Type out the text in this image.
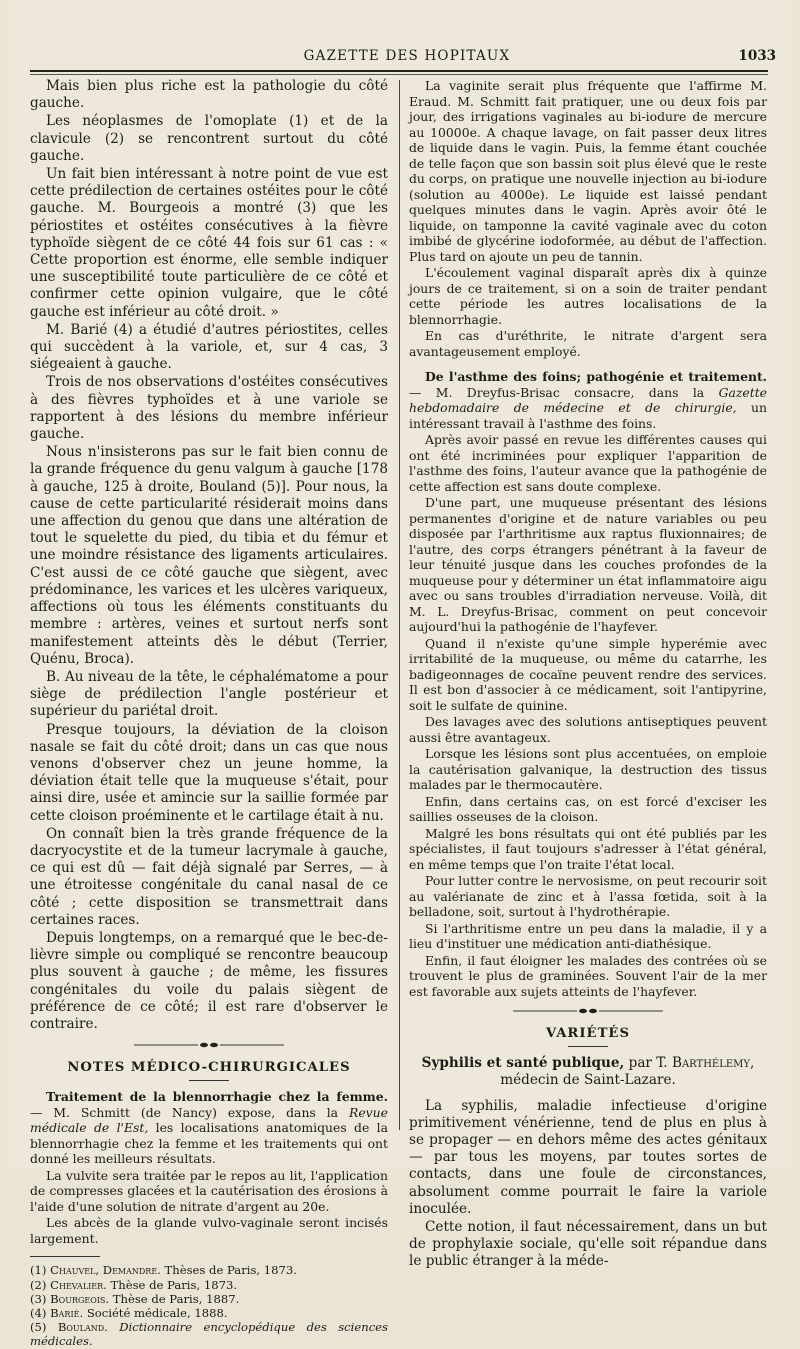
GAZETTE DES HOPITAUX	1033

Mais bien plus riche est la pathologie du côté gauche.

Les néoplasmes de l'omoplate (1) et de la clavicule (2) se rencontrent surtout du côté gauche.

Un fait bien intéressant à notre point de vue est cette prédilection de certaines ostéites pour le côté gauche. M. Bourgeois a montré (3) que les périostites et ostéites consécutives à la fièvre typhoïde siègent de ce côté 44 fois sur 61 cas : « Cette proportion est énorme, elle semble indiquer une susceptibilité toute particulière de ce côté et confirmer cette opinion vulgaire, que le côté gauche est inférieur au côté droit. »

M. Barié (4) a étudié d'autres périostites, celles qui succèdent à la variole, et, sur 4 cas, 3 siégeaient à gauche.

Trois de nos observations d'ostéites consécutives à des fièvres typhoïdes et à une variole se rapportent à des lésions du membre inférieur gauche.

Nous n'insisterons pas sur le fait bien connu de la grande fréquence du genu valgum à gauche [178 à gauche, 125 à droite, Bouland (5)]. Pour nous, la cause de cette particularité résiderait moins dans une affection du genou que dans une altération de tout le squelette du pied, du tibia et du fémur et une moindre résistance des ligaments articulaires. C'est aussi de ce côté gauche que siègent, avec prédominance, les varices et les ulcères variqueux, affections où tous les éléments constituants du membre : artères, veines et surtout nerfs sont manifestement atteints dès le début (Terrier, Quénu, Broca).

B. Au niveau de la tête, le céphalématome a pour siège de prédilection l'angle postérieur et supérieur du pariétal droit.

Presque toujours, la déviation de la cloison nasale se fait du côté droit; dans un cas que nous venons d'observer chez un jeune homme, la déviation était telle que la muqueuse s'était, pour ainsi dire, usée et amincie sur la saillie formée par cette cloison proéminente et le cartilage était à nu.

On connaît bien la très grande fréquence de la dacryocystite et de la tumeur lacrymale à gauche, ce qui est dû — fait déjà signalé par Serres, — à une étroitesse congénitale du canal nasal de ce côté ; cette disposition se transmettrait dans certaines races.

Depuis longtemps, on a remarqué que le bec-de-lièvre simple ou compliqué se rencontre beaucoup plus souvent à gauche ; de même, les fissures congénitales du voile du palais siègent de préférence de ce côté; il est rare d'observer le contraire.

NOTES MÉDICO-CHIRURGICALES

Traitement de la blennorrhagie chez la femme. — M. Schmitt (de Nancy) expose, dans la Revue médicale de l'Est, les localisations anatomiques de la blennorrhagie chez la femme et les traitements qui ont donné les meilleurs résultats.

La vulvite sera traitée par le repos au lit, l'application de compresses glacées et la cautérisation des érosions à l'aide d'une solution de nitrate d'argent au 20e.

Les abcès de la glande vulvo-vaginale seront incisés largement.

(1) Chauvel, Demandre. Thèses de Paris, 1873.
(2) Chevalier. Thèse de Paris, 1873.
(3) Bourgeois. Thèse de Paris, 1887.
(4) Barié. Société médicale, 1888.
(5) Bouland. Dictionnaire encyclopédique des sciences médicales.

La vaginite serait plus fréquente que l'affirme M. Eraud. M. Schmitt fait pratiquer, une ou deux fois par jour, des irrigations vaginales au bi-iodure de mercure au 10000e. A chaque lavage, on fait passer deux litres de liquide dans le vagin. Puis, la femme étant couchée de telle façon que son bassin soit plus élevé que le reste du corps, on pratique une nouvelle injection au bi-iodure (solution au 4000e). Le liquide est laissé pendant quelques minutes dans le vagin. Après avoir ôté le liquide, on tamponne la cavité vaginale avec du coton imbibé de glycérine iodoformée, au début de l'affection. Plus tard on ajoute un peu de tannin.

L'écoulement vaginal disparaît après dix à quinze jours de ce traitement, si on a soin de traiter pendant cette période les autres localisations de la blennorrhagie.

En cas d'uréthrite, le nitrate d'argent sera avantageusement employé.

De l'asthme des foins; pathogénie et traitement. — M. Dreyfus-Brisac consacre, dans la Gazette hebdomadaire de médecine et de chirurgie, un intéressant travail à l'asthme des foins.

Après avoir passé en revue les différentes causes qui ont été incriminées pour expliquer l'apparition de l'asthme des foins, l'auteur avance que la pathogénie de cette affection est sans doute complexe.

D'une part, une muqueuse présentant des lésions permanentes d'origine et de nature variables ou peu disposée par l'arthritisme aux raptus fluxionnaires; de l'autre, des corps étrangers pénétrant à la faveur de leur ténuité jusque dans les couches profondes de la muqueuse pour y déterminer un état inflammatoire aigu avec ou sans troubles d'irradiation nerveuse. Voilà, dit M. L. Dreyfus-Brisac, comment on peut concevoir aujourd'hui la pathogénie de l'hayfever.

Quand il n'existe qu'une simple hyperémie avec irritabilité de la muqueuse, ou même du catarrhe, les badigeonnages de cocaïne peuvent rendre des services. Il est bon d'associer à ce médicament, soit l'antipyrine, soit le sulfate de quinine.

Des lavages avec des solutions antiseptiques peuvent aussi être avantageux.

Lorsque les lésions sont plus accentuées, on emploie la cautérisation galvanique, la destruction des tissus malades par le thermocautère.

Enfin, dans certains cas, on est forcé d'exciser les saillies osseuses de la cloison.

Malgré les bons résultats qui ont été publiés par les spécialistes, il faut toujours s'adresser à l'état général, en même temps que l'on traite l'état local.

Pour lutter contre le nervosisme, on peut recourir soit au valérianate de zinc et à l'assa fœtida, soit à la belladone, soit, surtout à l'hydrothérapie.

Si l'arthritisme entre un peu dans la maladie, il y a lieu d'instituer une médication anti-diathésique.

Enfin, il faut éloigner les malades des contrées où se trouvent le plus de graminées. Souvent l'air de la mer est favorable aux sujets atteints de l'hayfever.

VARIÉTÉS

Syphilis et santé publique, par T. Barthélemy, médecin de Saint-Lazare.

La syphilis, maladie infectieuse d'origine primitivement vénérienne, tend de plus en plus à se propager — en dehors même des actes génitaux — par tous les moyens, par toutes sortes de contacts, dans une foule de circonstances, absolument comme pourrait le faire la variole inoculée.

Cette notion, il faut nécessairement, dans un but de prophylaxie sociale, qu'elle soit répandue dans le public étranger à la méde-
